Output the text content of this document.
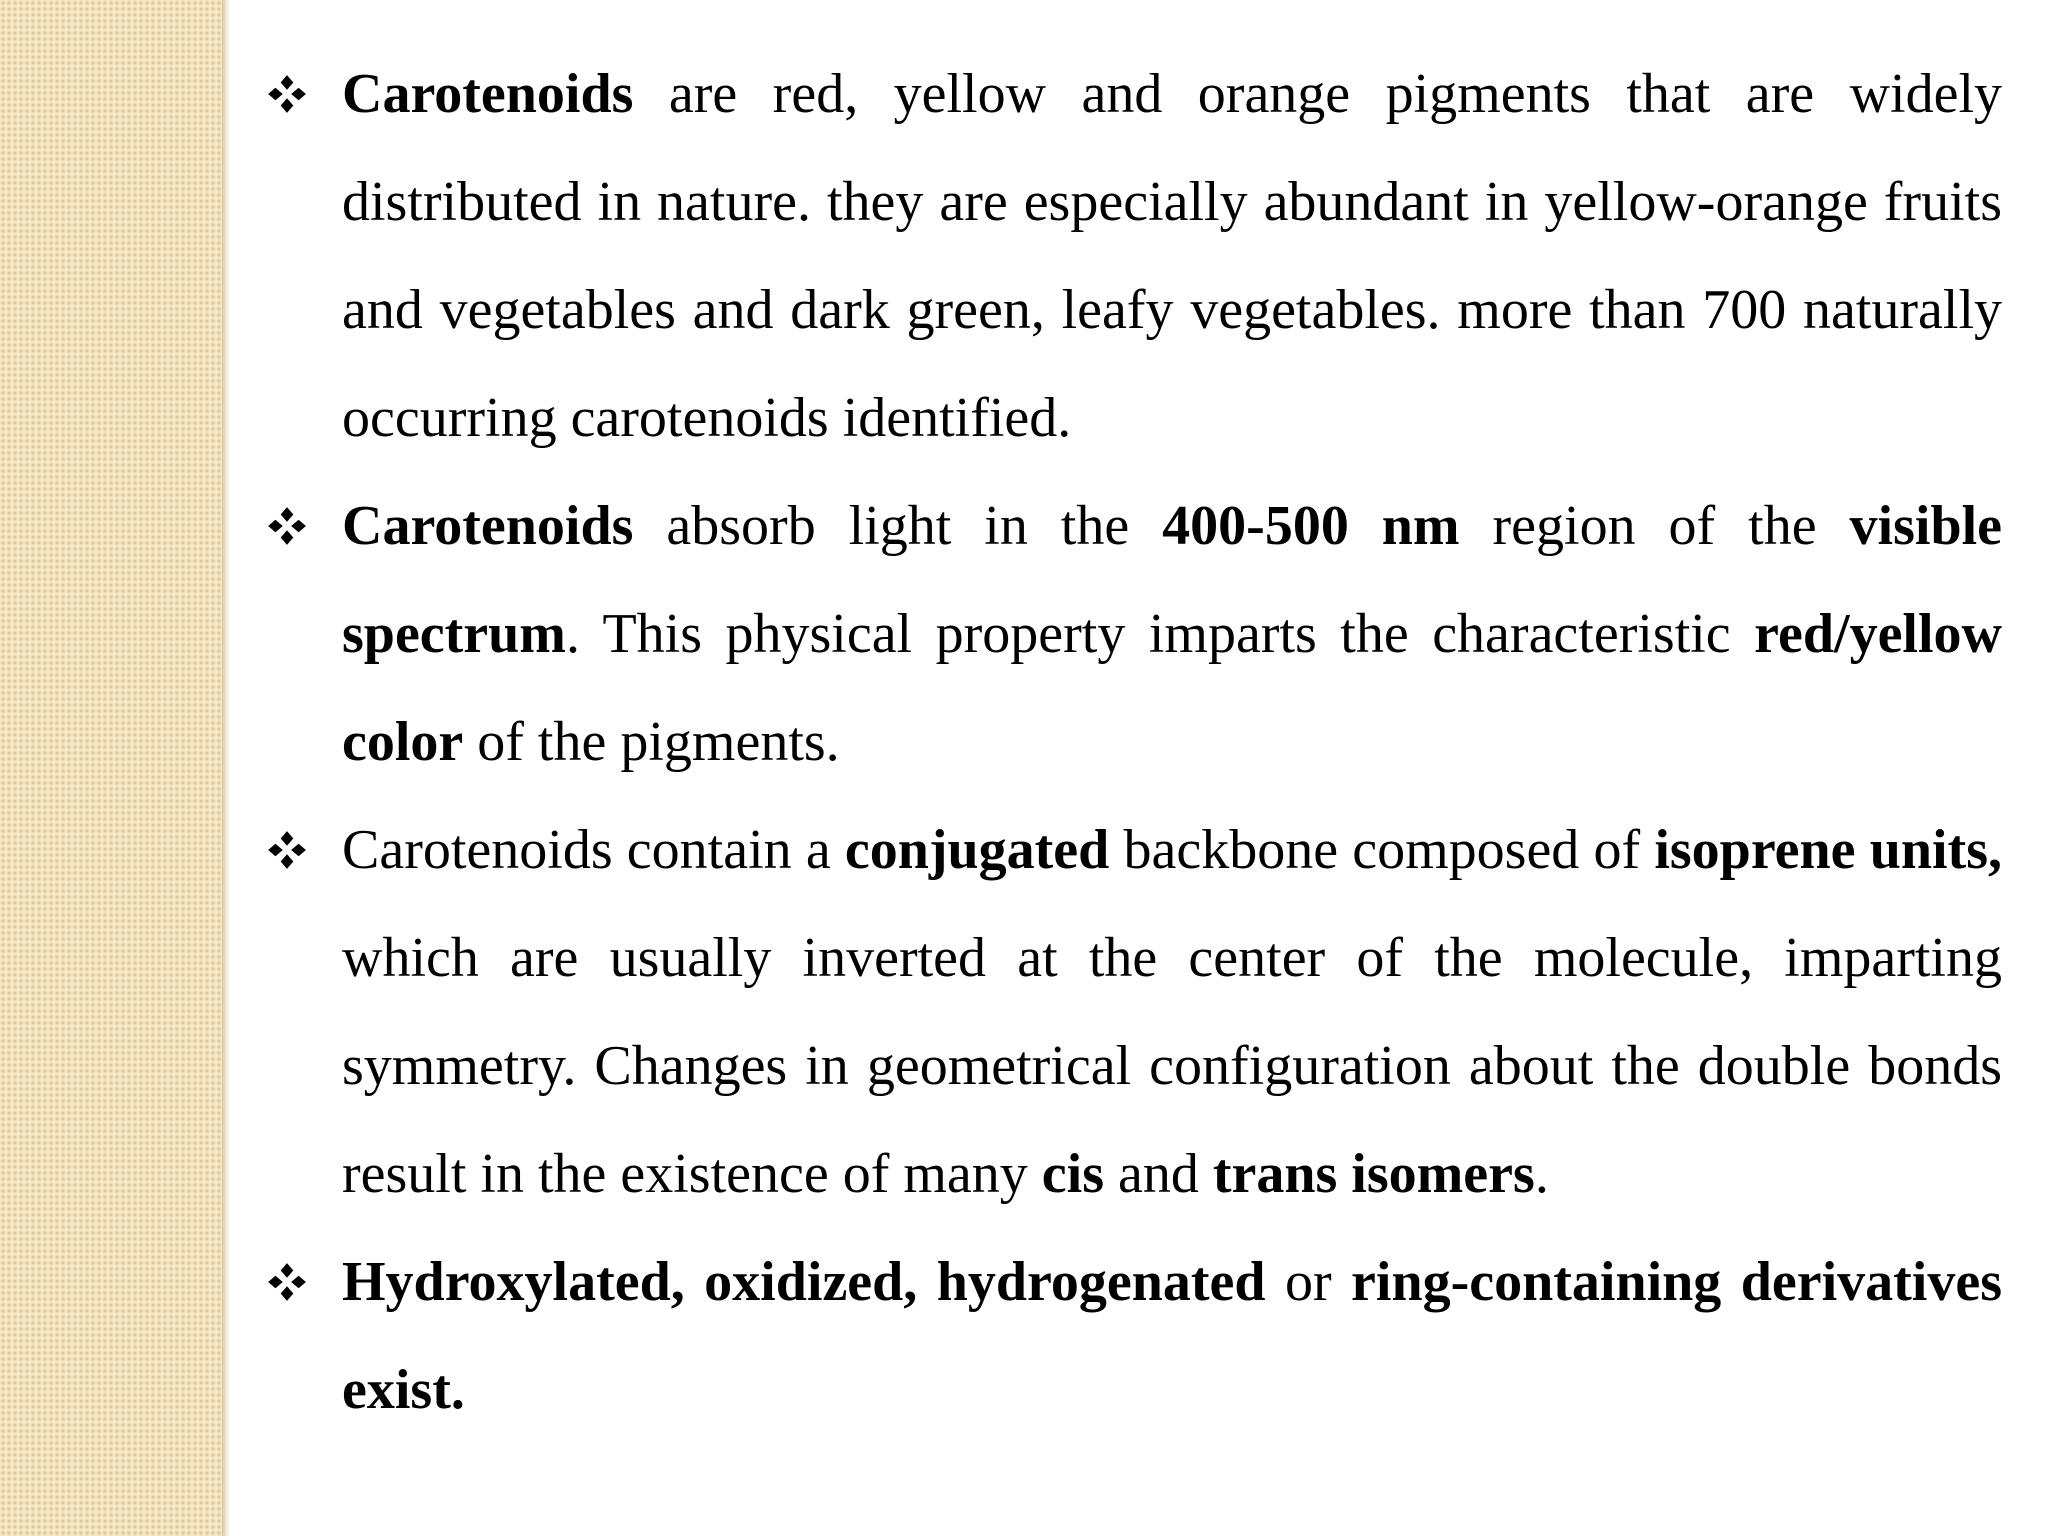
Carotenoids are red, yellow and orange pigments that are widely distributed in nature. they are especially abundant in yellow-orange fruits and vegetables and dark green, leafy vegetables. more than 700 naturally occurring carotenoids identified.

Carotenoids absorb light in the 400-500 nm region of the visible spectrum. This physical property imparts the characteristic red/yellow color of the pigments.

Carotenoids contain a conjugated backbone composed of isoprene units, which are usually inverted at the center of the molecule, imparting symmetry. Changes in geometrical configuration about the double bonds result in the existence of many cis and trans isomers.

Hydroxylated, oxidized, hydrogenated or ring-containing derivatives exist.
